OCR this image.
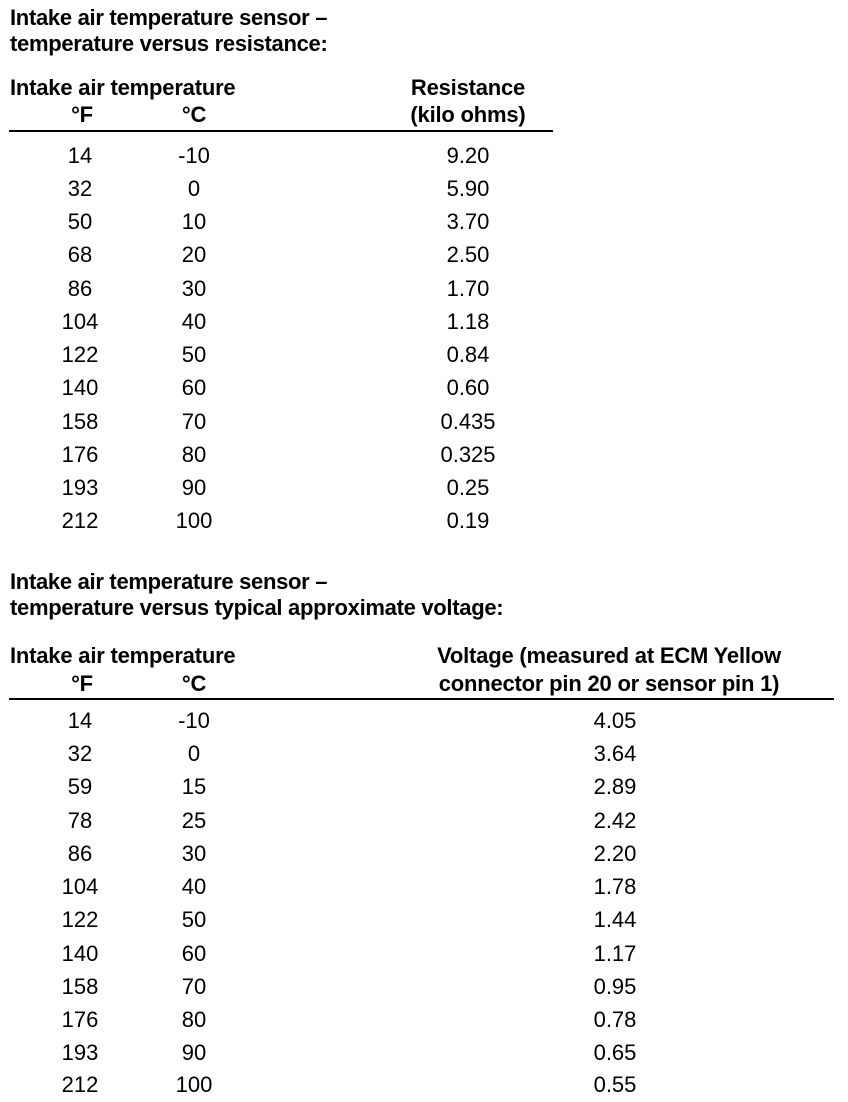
Intake air temperature sensor –
temperature versus resistance:
Intake air temperature
°F	°C
Resistance
(kilo ohms)
14	-10	9.20
32	0	5.90
50	10	3.70
68	20	2.50
86	30	1.70
104	40	1.18
122	50	0.84
140	60	0.60
158	70	0.435
176	80	0.325
193	90	0.25
212	100	0.19
Intake air temperature sensor –
temperature versus typical approximate voltage:
Intake air temperature
°F	°C
Voltage (measured at ECM Yellow
connector pin 20 or sensor pin 1)
14	-10	4.05
32	0	3.64
59	15	2.89
78	25	2.42
86	30	2.20
104	40	1.78
122	50	1.44
140	60	1.17
158	70	0.95
176	80	0.78
193	90	0.65
212	100	0.55
